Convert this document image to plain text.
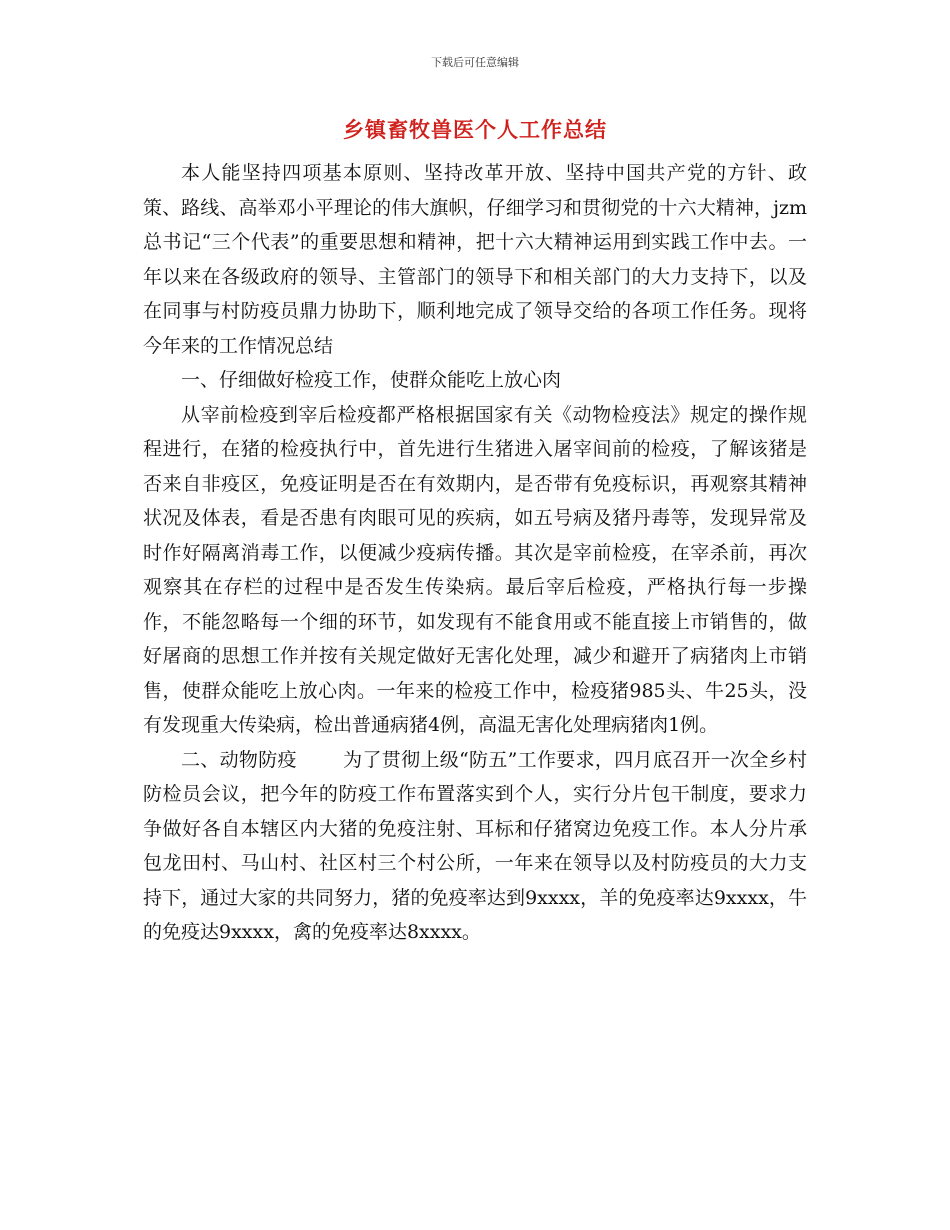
下载后可任意编辑
乡镇畜牧兽医个人工作总结

本人能坚持四项基本原则、坚持改革开放、坚持中国共产党的方针、政策、路线、高举邓小平理论的伟大旗帜，仔细学习和贯彻党的十六大精神，jzm总书记“三个代表”的重要思想和精神，把十六大精神运用到实践工作中去。一年以来在各级政府的领导、主管部门的领导下和相关部门的大力支持下，以及在同事与村防疫员鼎力协助下，顺利地完成了领导交给的各项工作任务。现将今年来的工作情况总结

一、仔细做好检疫工作，使群众能吃上放心肉

从宰前检疫到宰后检疫都严格根据国家有关《动物检疫法》规定的操作规程进行，在猪的检疫执行中，首先进行生猪进入屠宰间前的检疫，了解该猪是否来自非疫区，免疫证明是否在有效期内，是否带有免疫标识，再观察其精神状况及体表，看是否患有肉眼可见的疾病，如五号病及猪丹毒等，发现异常及时作好隔离消毒工作，以便减少疫病传播。其次是宰前检疫，在宰杀前，再次观察其在存栏的过程中是否发生传染病。最后宰后检疫，严格执行每一步操作，不能忽略每一个细的环节，如发现有不能食用或不能直接上市销售的，做好屠商的思想工作并按有关规定做好无害化处理，减少和避开了病猪肉上市销售，使群众能吃上放心肉。一年来的检疫工作中，检疫猪985头、牛25头，没有发现重大传染病，检出普通病猪4例，高温无害化处理病猪肉1例。

二、动物防疫 为了贯彻上级“防五”工作要求，四月底召开一次全乡村防检员会议，把今年的防疫工作布置落实到个人，实行分片包干制度，要求力争做好各自本辖区内大猪的免疫注射、耳标和仔猪窝边免疫工作。本人分片承包龙田村、马山村、社区村三个村公所，一年来在领导以及村防疫员的大力支持下，通过大家的共同努力，猪的免疫率达到9xxxx，羊的免疫率达9xxxx，牛的免疫达9xxxx，禽的免疫率达8xxxx。
